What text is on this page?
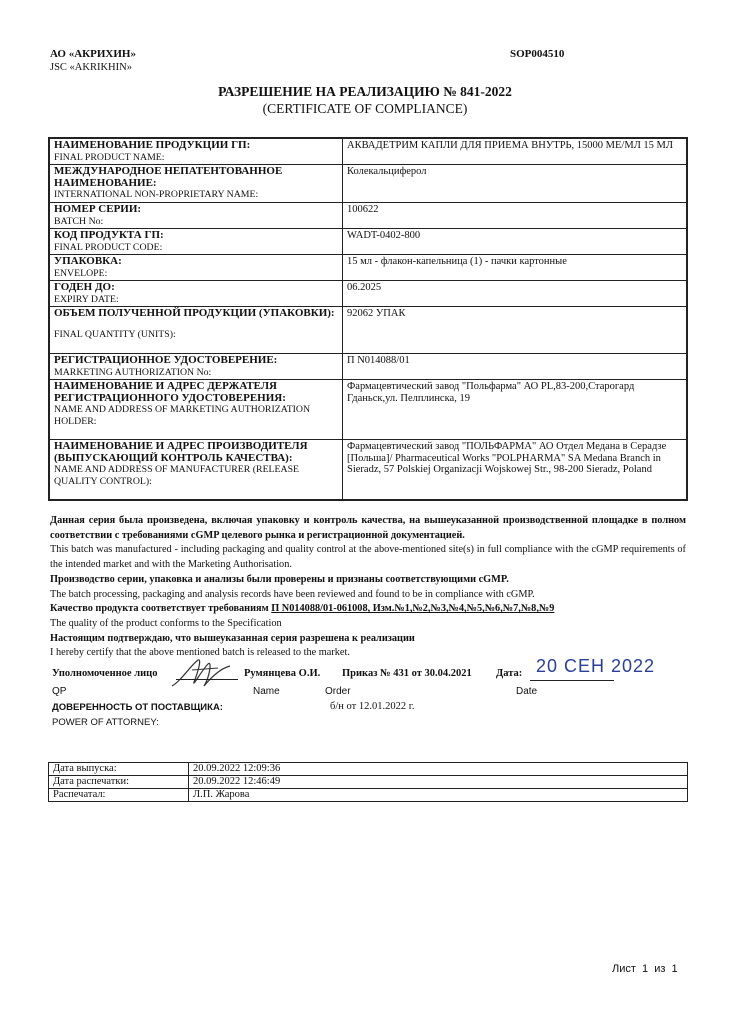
АО «АКРИХИН»
JSC «AKRIKHIN»
SOP004510
РАЗРЕШЕНИЕ НА РЕАЛИЗАЦИЮ № 841-2022
(CERTIFICATE OF COMPLIANCE)
НАИМЕНОВАНИЕ ПРОДУКЦИИ ГП:
FINAL PRODUCT NAME:	АКВАДЕТРИМ КАПЛИ ДЛЯ ПРИЕМА ВНУТРЬ, 15000 МЕ/МЛ 15 МЛ

МЕЖДУНАРОДНОЕ НЕПАТЕНТОВАННОЕ НАИМЕНОВАНИЕ:
INTERNATIONAL NON-PROPRIETARY NAME:	Колекальциферол

НОМЕР СЕРИИ:
BATCH No:	100622

КОД ПРОДУКТА ГП:
FINAL PRODUCT CODE:	WADT-0402-800

УПАКОВКА:
ENVELOPE:	15 мл - флакон-капельница (1) - пачки картонные

ГОДЕН ДО:
EXPIRY DATE:	06.2025

ОБЪЕМ ПОЛУЧЕННОЙ ПРОДУКЦИИ (УПАКОВКИ):
FINAL QUANTITY (UNITS):	92062 УПАК

РЕГИСТРАЦИОННОЕ УДОСТОВЕРЕНИЕ:
MARKETING AUTHORIZATION No:	П N014088/01

НАИМЕНОВАНИЕ И АДРЕС ДЕРЖАТЕЛЯ РЕГИСТРАЦИОННОГО УДОСТОВЕРЕНИЯ:
NAME AND ADDRESS OF MARKETING AUTHORIZATION HOLDER:	Фармацевтический завод "Польфарма" АО PL,83-200,Старогард Гданьск,ул. Пелплинска, 19

НАИМЕНОВАНИЕ И АДРЕС ПРОИЗВОДИТЕЛЯ (ВЫПУСКАЮЩИЙ КОНТРОЛЬ КАЧЕСТВА):
NAME AND ADDRESS OF MANUFACTURER (RELEASE QUALITY CONTROL):	Фармацевтический завод "ПОЛЬФАРМА" АО Отдел Медана в Серадзе [Польша]/ Pharmaceutical Works "POLPHARMA" SA Medana Branch in Sieradz, 57 Polskiej Organizacji Wojskowej Str., 98-200 Sieradz, Poland

Данная серия была произведена, включая упаковку и контроль качества, на вышеуказанной производственной площадке в полном соответствии с требованиями cGMP целевого рынка и регистрационной документацией.

This batch was manufactured - including packaging and quality control at the above-mentioned site(s) in full compliance with the cGMP requirements of the intended market and with the Marketing Authorisation.

Производство серии, упаковка и анализы были проверены и признаны соответствующими cGMP.

The batch processing, packaging and analysis records have been reviewed and found to be in compliance with cGMP.

Качество продукта соответствует требованиям П N014088/01-061008, Изм.№1,№2,№3,№4,№5,№6,№7,№8,№9

The quality of the product conforms to the Specification

Настоящим подтверждаю, что вышеуказанная серия разрешена к реализации

I hereby certify that the above mentioned batch is released to the market.

Уполномоченное лицо	Румянцева О.И. Приказ № 431 от 30.04.2021 Дата: 20 СЕН 2022
QP	Name	Order	Date
ДОВЕРЕННОСТЬ ОТ ПОСТАВЩИКА:	б/н от 12.01.2022 г.
POWER OF ATTORNEY:
Дата выпуска:	20.09.2022 12:09:36
Дата распечатки:	20.09.2022 12:46:49
Распечатал:	Л.П. Жарова
Лист  1  из  1
